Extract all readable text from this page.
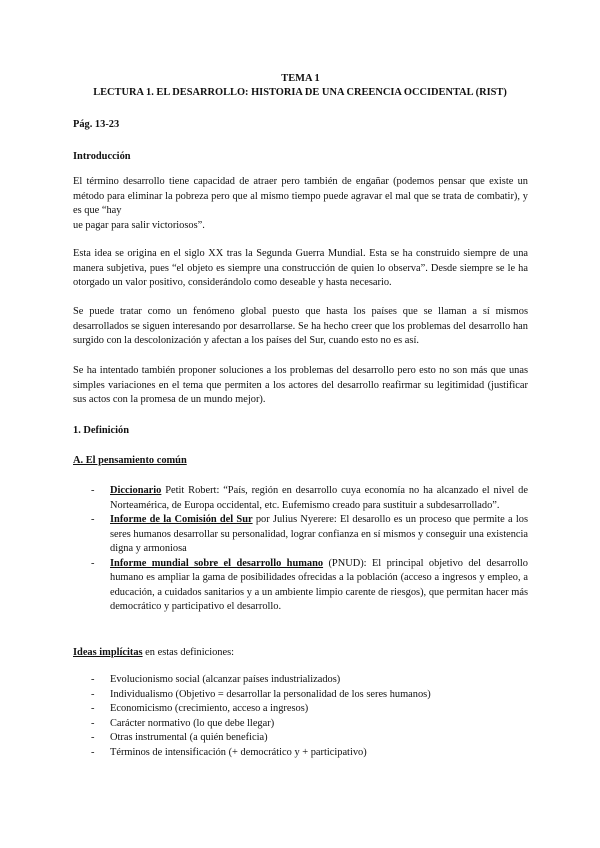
TEMA 1
LECTURA 1. EL DESARROLLO: HISTORIA DE UNA CREENCIA OCCIDENTAL (RIST)
Pág. 13-23
Introducción
El término desarrollo tiene capacidad de atraer pero también de engañar (podemos pensar que existe un método para eliminar la pobreza pero que al mismo tiempo puede agravar el mal que se trata de combatir), y es que “hay
ue pagar para salir victoriosos”.
Esta idea se origina en el siglo XX tras la Segunda Guerra Mundial. Esta se ha construido siempre de una manera subjetiva, pues “el objeto es siempre una construcción de quien lo observa”. Desde siempre se le ha otorgado un valor positivo, considerándolo como deseable y hasta necesario.
Se puede tratar como un fenómeno global puesto que hasta los países que se llaman a sí mismos desarrollados se siguen interesando por desarrollarse. Se ha hecho creer que los problemas del desarrollo han surgido con la descolonización y afectan a los países del Sur, cuando esto no es así.
Se ha intentado también proponer soluciones a los problemas del desarrollo pero esto no son más que unas simples variaciones en el tema que permiten a los actores del desarrollo reafirmar su legitimidad (justificar sus actos con la promesa de un mundo mejor).
1. Definición
A. El pensamiento común
- Diccionario Petit Robert: “País, región en desarrollo cuya economía no ha alcanzado el nivel de Norteamérica, de Europa occidental, etc. Eufemismo creado para sustituir a subdesarrollado”.
- Informe de la Comisión del Sur por Julius Nyerere: El desarollo es un proceso que permite a los seres humanos desarrollar su personalidad, lograr confianza en sí mismos y conseguir una existencia digna y armoniosa
- Informe mundial sobre el desarrollo humano (PNUD): El principal objetivo del desarrollo humano es ampliar la gama de posibilidades ofrecidas a la población (acceso a ingresos y empleo, a educación, a cuidados sanitarios y a un ambiente limpio carente de riesgos), que permitan hacer más democrático y participativo el desarrollo.
Ideas implícitas en estas definiciones:
- Evolucionismo social (alcanzar países industrializados)
- Individualismo (Objetivo = desarrollar la personalidad de los seres humanos)
- Economicismo (crecimiento, acceso a ingresos)
- Carácter normativo (lo que debe llegar)
- Otras instrumental (a quién beneficia)
- Términos de intensificación (+ democrático y + participativo)
